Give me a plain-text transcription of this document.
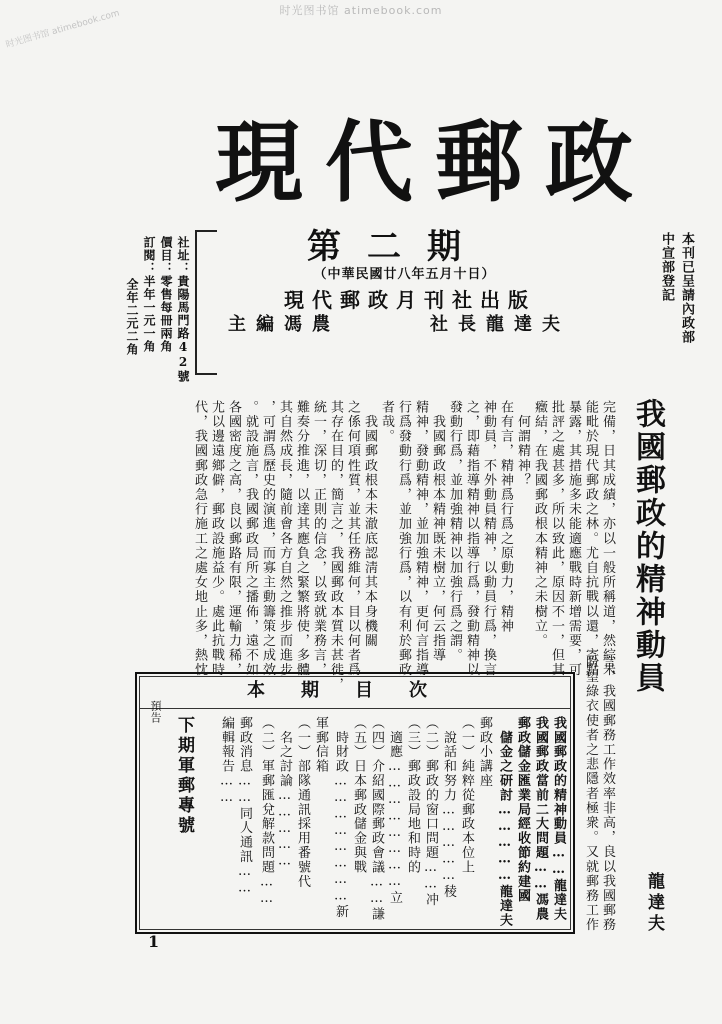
时光图书馆 atimebook.com
时光图书馆 atimebook.com
現代郵政
第二期
（中華民國廿八年五月十日）
現代郵政月刊社出版
社長龍達夫
主編馮農	本刊已呈請內政部
中宣部登記
社址：貴陽馬門路42號
價目：零售每冊兩角
訂閱：半年一元一角
全年二元二角
我國郵政的精神動員
龍達夫
言，我國郵務工作效率非高，良以我國郵務
盼望綠衣使者之悲隱者極衆。又就郵務工作
完備，日其成績，亦以一般所稱道，然綜未
能毗於現代郵政之林。尤自抗戰以還，寄點
暴露，其措施多未能適應戰時新增需要，可
批評之處甚多，所以致此，原因不一，但其
癥結，在我國郵政根本精神之未樹立。
　何謂精神？
在有言，精神爲行爲之原動力，精神
神動員，不外動員精神，以動員行爲，換言
之，即藉指導精神以指導行爲，發動精神以
發動行爲，並加強精神以加強行爲之謂。
　我國郵政根本精神既未樹立，何云指導
精神，發動精神，並加強精神，更何言指導
行爲發動行爲，並加強行爲，以有利於郵政
者哉。
　我國郵政根本未澈底認淸其本身機關
之係何項性質，並其任務維何，目以何者爲
其存在目的，簡言之，我國郵政本質未甚徙，
統一，深切，正則的信念，以致就業務言，
難奏分推進，以達其應負之緊繁將使，多體
其自然成長，隨前會各方自然之推步而進步
，可謂爲歷史的演進，而寡主動籌策之成效
。就設施言，我國郵政局所之播佈，遠不如
各國密度之高，良以郵路有限，運輸力稀，
尤以邊遠鄉僻，郵政設施益少。處此抗戰時
代，我國郵政急行施工之處女地止多，熱忱
本期目次
我國郵政的精神動員……龍達夫
我國郵政當前二大問題……馮農
郵政儲金匯業局經收節約建國
　儲金之研討……………龍達夫
郵政小講座
（一）純粹從郵政本位上
　說話和努力……………稜
（二）郵政的窗口問題……冲
（三）郵政設局地和時的
　適應……………………立
（四）介紹國際郵政會議……謙
（五）日本郵政儲金與戰
　時財政……………………新
軍郵信箱
（一）部隊通訊採用番號代
　名之討論……………
（二）軍郵匯兌解款問題……
郵政消息……同人通訊……
編輯報告……
下期軍郵專號
預告
1
